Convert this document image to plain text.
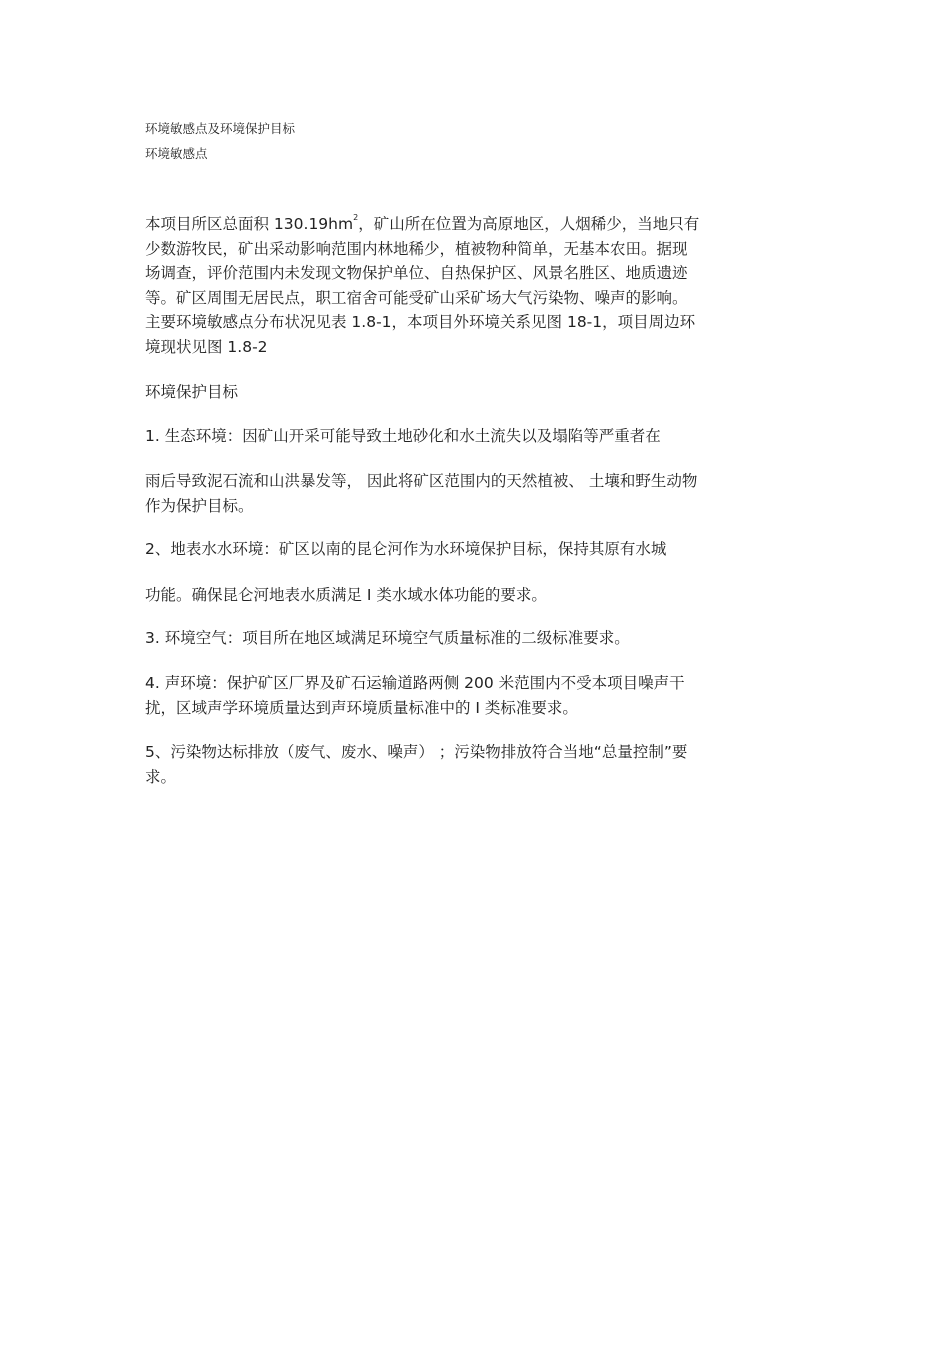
环境敏感点及环境保护目标
环境敏感点
本项目所区总面积 $130.19hm^2$，矿山所在位置为高原地区，人烟稀少，当地只有
少数游牧民，矿出采动影响范围内林地稀少，植被物种简单，无基本农田。据现
场调查，评价范围内未发现文物保护单位、自热保护区、风景名胜区、地质遗迹
等。矿区周围无居民点，职工宿舍可能受矿山采矿场大气污染物、噪声的影响。
主要环境敏感点分布状况见表 1.8-1，本项目外环境关系见图 18-1，项目周边环
境现状见图 1.8-2
环境保护目标
1. 生态环境：因矿山开采可能导致土地砂化和水土流失以及塌陷等严重者在
雨后导致泥石流和山洪暴发等， 因此将矿区范围内的天然植被、 土壤和野生动物
作为保护目标。
2、地表水水环境：矿区以南的昆仑河作为水环境保护目标，保持其原有水城
功能。确保昆仑河地表水质满足 I 类水域水体功能的要求。
3. 环境空气：项目所在地区域满足环境空气质量标准的二级标准要求。
4. 声环境：保护矿区厂界及矿石运输道路两侧 200 米范围内不受本项目噪声干
扰，区域声学环境质量达到声环境质量标准中的 I 类标准要求。
5、污染物达标排放（废气、废水、噪声） ；污染物排放符合当地“总量控制”要
求。
